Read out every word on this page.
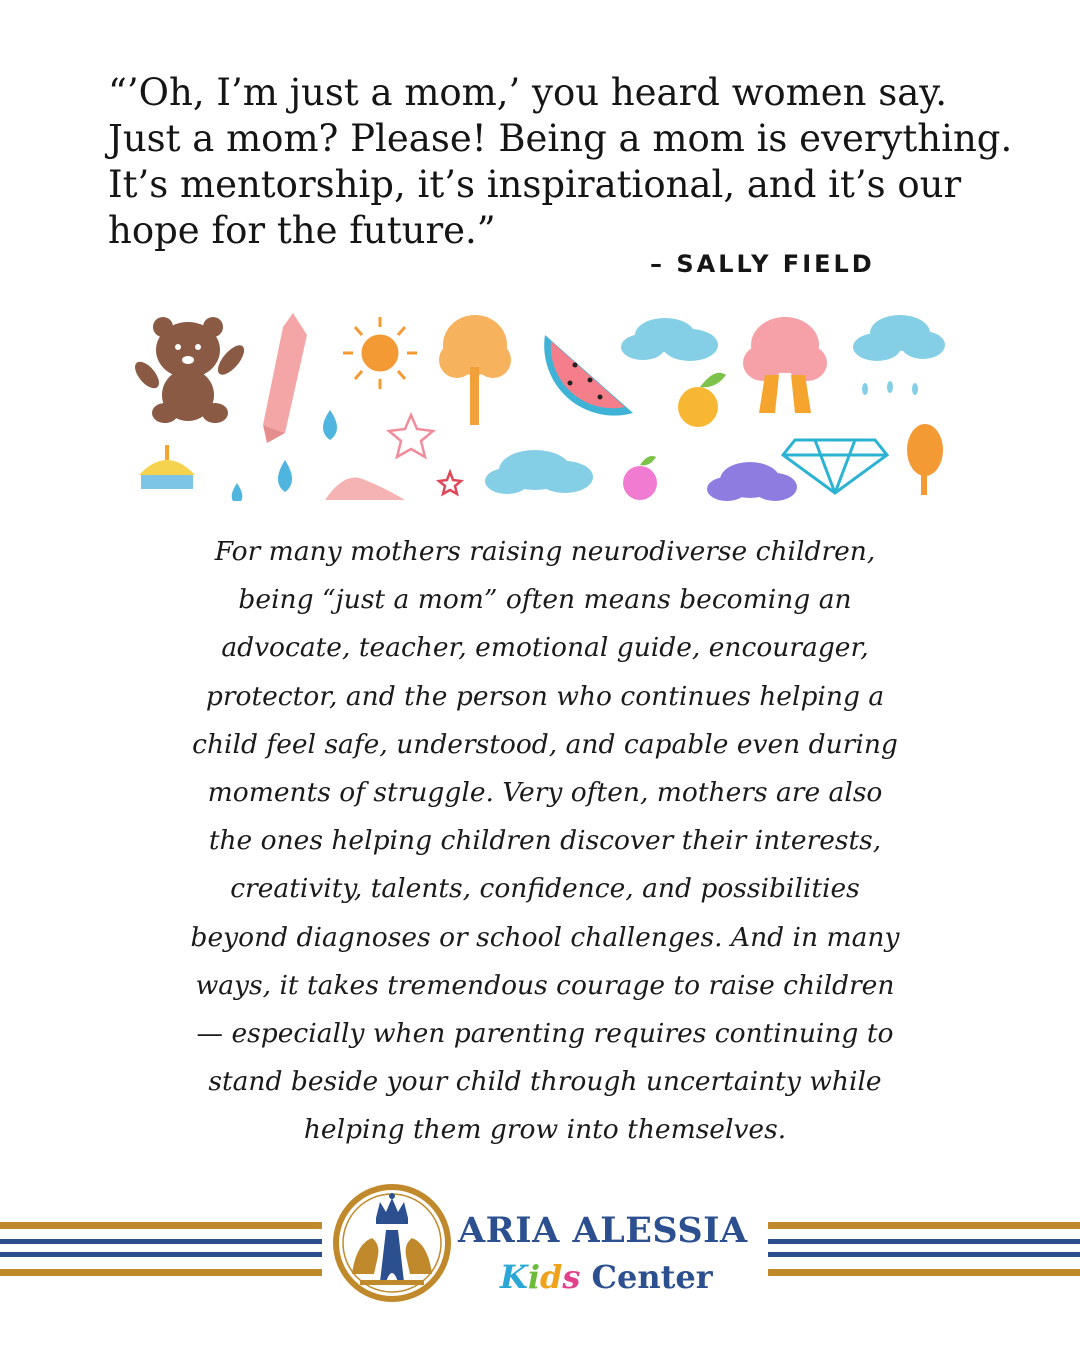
“’Oh, I’m just a mom,’ you heard women say.
Just a mom? Please! Being a mom is everything.
It’s mentorship, it’s inspirational, and it’s our
hope for the future.”

– SALLY FIELD

For many mothers raising neurodiverse children,
being “just a mom” often means becoming an
advocate, teacher, emotional guide, encourager,
protector, and the person who continues helping a
child feel safe, understood, and capable even during
moments of struggle. Very often, mothers are also
the ones helping children discover their interests,
creativity, talents, confidence, and possibilities
beyond diagnoses or school challenges. And in many
ways, it takes tremendous courage to raise children
— especially when parenting requires continuing to
stand beside your child through uncertainty while
helping them grow into themselves.

ARIA ALESSIA
Kids Center
